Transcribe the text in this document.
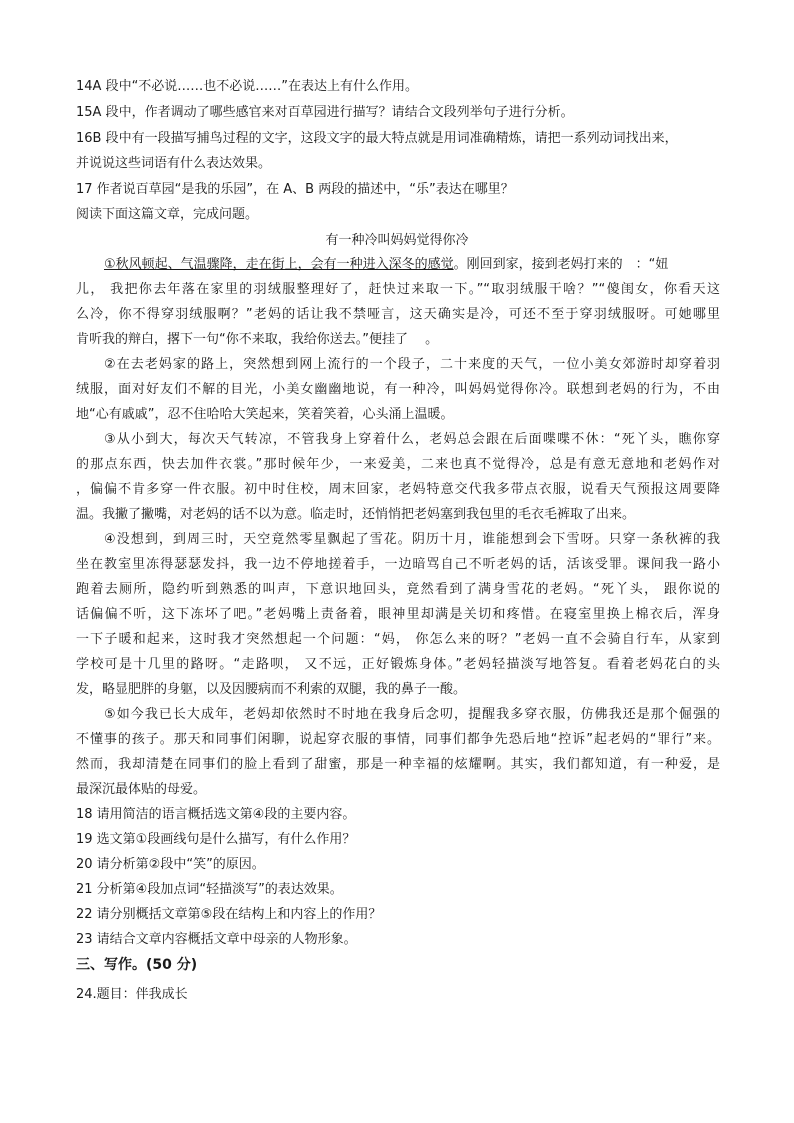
14A 段中“不必说……也不必说……”在表达上有什么作用。
15A 段中，作者调动了哪些感官来对百草园进行描写？请结合文段列举句子进行分析。
16B 段中有一段描写捕鸟过程的文字，这段文字的最大特点就是用词准确精炼，请把一系列动词找出来，
并说说这些词语有什么表达效果。
17 作者说百草园“是我的乐园”，在 A、B 两段的描述中，“乐”表达在哪里？
阅读下面这篇文章，完成问题。
有一种冷叫妈妈觉得你冷
①秋风顿起、气温骤降，走在街上，会有一种进入深冬的感觉。刚回到家，接到老妈打来的　：“妞
儿， 我把你去年落在家里的羽绒服整理好了，赶快过来取一下。”“取羽绒服干啥？”“傻闺女，你看天这
么冷，你不得穿羽绒服啊？”老妈的话让我不禁哑言，这天确实是冷，可还不至于穿羽绒服呀。可她哪里
肯听我的辩白，撂下一句“你不来取，我给你送去。”便挂了　 。
②在去老妈家的路上，突然想到网上流行的一个段子，二十来度的天气，一位小美女郊游时却穿着羽
绒服，面对好友们不解的目光，小美女幽幽地说，有一种冷，叫妈妈觉得你冷。联想到老妈的行为，不由
地“心有戚戚”，忍不住哈哈大笑起来，笑着笑着，心头涌上温暖。
③从小到大，每次天气转凉，不管我身上穿着什么，老妈总会跟在后面喋喋不休：“死丫头，瞧你穿
的那点东西，快去加件衣裳。”那时候年少，一来爱美，二来也真不觉得冷，总是有意无意地和老妈作对
，偏偏不肯多穿一件衣服。初中时住校，周末回家，老妈特意交代我多带点衣服，说看天气预报这周要降
温。我撇了撇嘴，对老妈的话不以为意。临走时，还悄悄把老妈塞到我包里的毛衣毛裤取了出来。
④没想到，到周三时，天空竟然零星飘起了雪花。阴历十月，谁能想到会下雪呀。只穿一条秋裤的我
坐在教室里冻得瑟瑟发抖，我一边不停地搓着手，一边暗骂自己不听老妈的话，活该受罪。课间我一路小
跑着去厕所，隐约听到熟悉的叫声，下意识地回头，竟然看到了满身雪花的老妈。“死丫头， 跟你说的
话偏偏不听，这下冻坏了吧。”老妈嘴上责备着，眼神里却满是关切和疼惜。在寝室里换上棉衣后，浑身
一下子暖和起来，这时我才突然想起一个问题：“妈， 你怎么来的呀？”老妈一直不会骑自行车，从家到
学校可是十几里的路呀。“走路呗， 又不远，正好锻炼身体。”老妈轻描淡写地答复。看着老妈花白的头
发，略显肥胖的身躯，以及因腰病而不利索的双腿，我的鼻子一酸。
⑤如今我已长大成年，老妈却依然时不时地在我身后念叨，提醒我多穿衣服，仿佛我还是那个倔强的
不懂事的孩子。那天和同事们闲聊，说起穿衣服的事情，同事们都争先恐后地“控诉”起老妈的“罪行”来。
然而，我却清楚在同事们的脸上看到了甜蜜，那是一种幸福的炫耀啊。其实，我们都知道，有一种爱，是
最深沉最体贴的母爱。
18 请用简洁的语言概括选文第④段的主要内容。
19 选文第①段画线句是什么描写，有什么作用？
20 请分析第②段中“笑”的原因。
21 分析第④段加点词“轻描淡写”的表达效果。
22 请分别概括文章第⑤段在结构上和内容上的作用？
23 请结合文章内容概括文章中母亲的人物形象。
三、写作。(50 分)
24.题目：伴我成长
